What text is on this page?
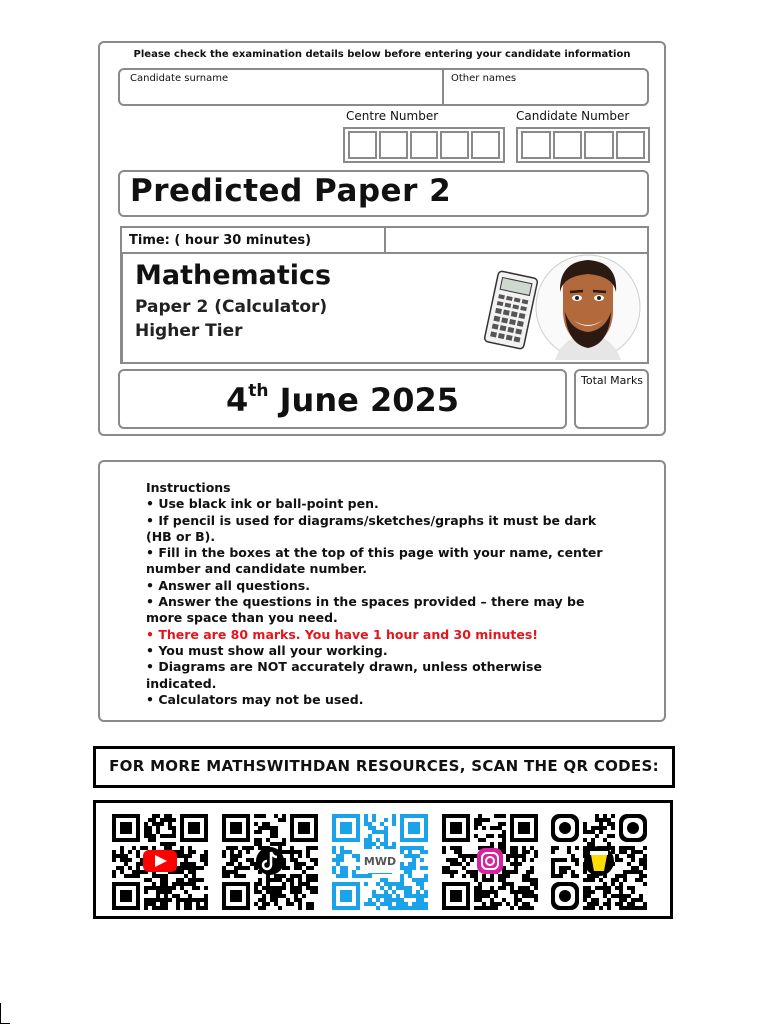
Please check the examination details below before entering your candidate information
Candidate surname	Other names
Centre Number	Candidate Number
Predicted Paper 2
Time: ( hour 30 minutes)
Mathematics
Paper 2 (Calculator)
Higher Tier
4th June 2025
Total Marks
Instructions
• Use black ink or ball-point pen.
• If pencil is used for diagrams/sketches/graphs it must be dark (HB or B).
• Fill in the boxes at the top of this page with your name, center number and candidate number.
• Answer all questions.
• Answer the questions in the spaces provided – there may be more space than you need.
• There are 80 marks. You have 1 hour and 30 minutes!
• You must show all your working.
• Diagrams are NOT accurately drawn, unless otherwise indicated.
• Calculators may not be used.
FOR MORE MATHSWITHDAN RESOURCES, SCAN THE QR CODES:
MWD
